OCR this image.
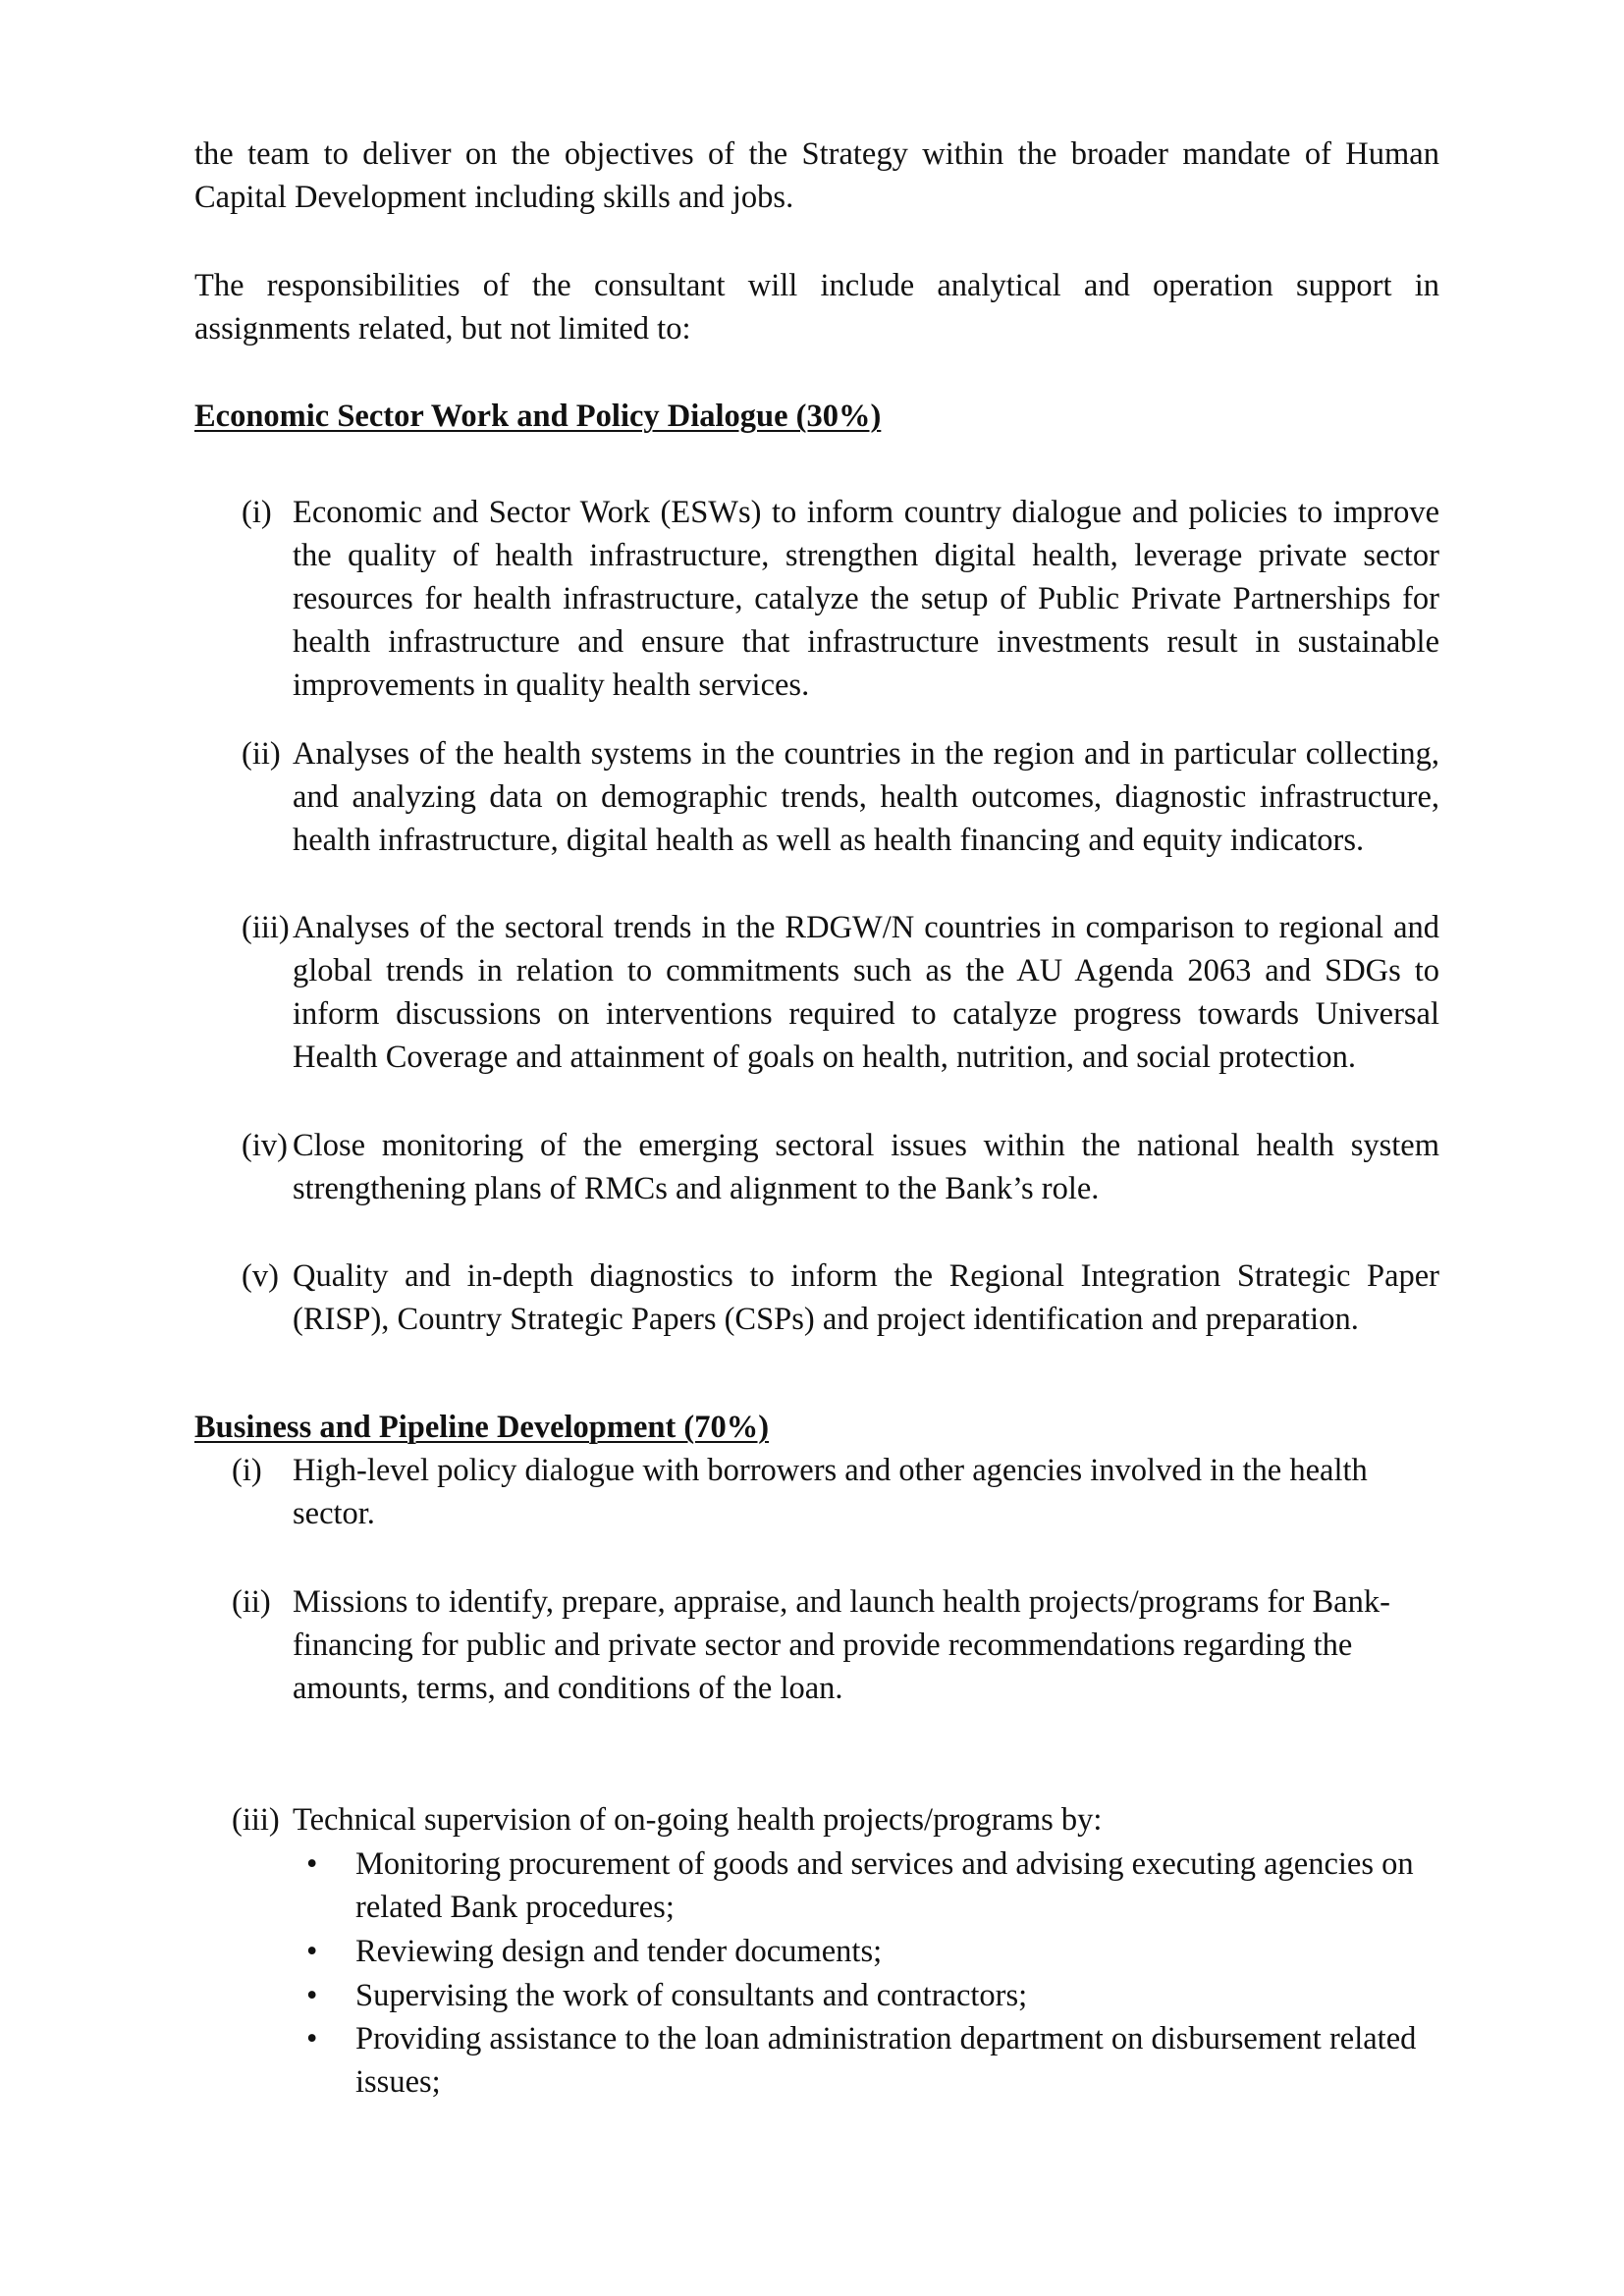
the team to deliver on the objectives of the Strategy within the broader mandate of Human Capital Development including skills and jobs.
The responsibilities of the consultant will include analytical and operation support in assignments related, but not limited to:
Economic Sector Work and Policy Dialogue (30%)
(i) Economic and Sector Work (ESWs) to inform country dialogue and policies to improve the quality of health infrastructure, strengthen digital health, leverage private sector resources for health infrastructure, catalyze the setup of Public Private Partnerships for health infrastructure and ensure that infrastructure investments result in sustainable improvements in quality health services.
(ii) Analyses of the health systems in the countries in the region and in particular collecting, and analyzing data on demographic trends, health outcomes, diagnostic infrastructure, health infrastructure, digital health as well as health financing and equity indicators.
(iii) Analyses of the sectoral trends in the RDGW/N countries in comparison to regional and global trends in relation to commitments such as the AU Agenda 2063 and SDGs to inform discussions on interventions required to catalyze progress towards Universal Health Coverage and attainment of goals on health, nutrition, and social protection.
(iv) Close monitoring of the emerging sectoral issues within the national health system strengthening plans of RMCs and alignment to the Bank’s role.
(v) Quality and in-depth diagnostics to inform the Regional Integration Strategic Paper (RISP), Country Strategic Papers (CSPs) and project identification and preparation.
Business and Pipeline Development (70%)
(i) High-level policy dialogue with borrowers and other agencies involved in the health sector.
(ii) Missions to identify, prepare, appraise, and launch health projects/programs for Bank-financing for public and private sector and provide recommendations regarding the amounts, terms, and conditions of the loan.
(iii) Technical supervision of on-going health projects/programs by:
• Monitoring procurement of goods and services and advising executing agencies on related Bank procedures;
• Reviewing design and tender documents;
• Supervising the work of consultants and contractors;
• Providing assistance to the loan administration department on disbursement related issues;
